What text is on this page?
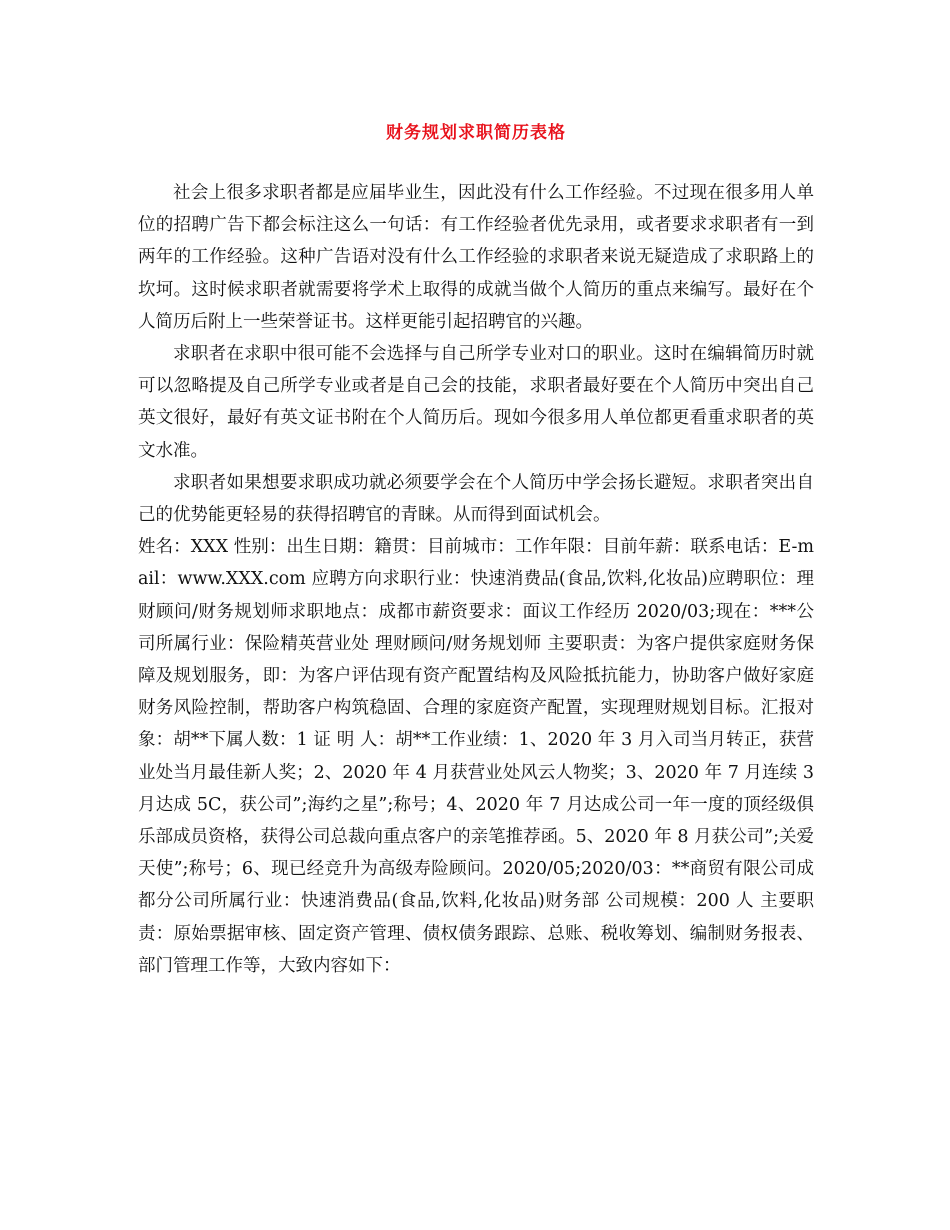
财务规划求职简历表格

社会上很多求职者都是应届毕业生，因此没有什么工作经验。不过现在很多用人单位的招聘广告下都会标注这么一句话：有工作经验者优先录用，或者要求求职者有一到两年的工作经验。这种广告语对没有什么工作经验的求职者来说无疑造成了求职路上的坎坷。这时候求职者就需要将学术上取得的成就当做个人简历的重点来编写。最好在个人简历后附上一些荣誉证书。这样更能引起招聘官的兴趣。

求职者在求职中很可能不会选择与自己所学专业对口的职业。这时在编辑简历时就可以忽略提及自己所学专业或者是自己会的技能，求职者最好要在个人简历中突出自己英文很好，最好有英文证书附在个人简历后。现如今很多用人单位都更看重求职者的英文水准。

求职者如果想要求职成功就必须要学会在个人简历中学会扬长避短。求职者突出自己的优势能更轻易的获得招聘官的青睐。从而得到面试机会。

姓名：XXX 性别：出生日期：籍贯：目前城市：工作年限：目前年薪：联系电话：E-mail：www.XXX.com 应聘方向求职行业：快速消费品(食品,饮料,化妆品)应聘职位：理财顾问/财务规划师求职地点：成都市薪资要求：面议工作经历 2020/03;现在：***公司所属行业：保险精英营业处 理财顾问/财务规划师 主要职责：为客户提供家庭财务保障及规划服务，即：为客户评估现有资产配置结构及风险抵抗能力，协助客户做好家庭财务风险控制，帮助客户构筑稳固、合理的家庭资产配置，实现理财规划目标。汇报对象：胡**下属人数：1 证 明 人：胡**工作业绩：1、2020 年 3 月入司当月转正，获营业处当月最佳新人奖；2、2020 年 4 月获营业处风云人物奖；3、2020 年 7 月连续 3 月达成 5C，获公司”;海约之星”;称号；4、2020 年 7 月达成公司一年一度的顶经级俱乐部成员资格，获得公司总裁向重点客户的亲笔推荐函。5、2020 年 8 月获公司”;关爱天使”;称号；6、现已经竞升为高级寿险顾问。2020/05;2020/03：**商贸有限公司成都分公司所属行业：快速消费品(食品,饮料,化妆品)财务部 公司规模：200 人 主要职责：原始票据审核、固定资产管理、债权债务跟踪、总账、税收筹划、编制财务报表、部门管理工作等，大致内容如下：
